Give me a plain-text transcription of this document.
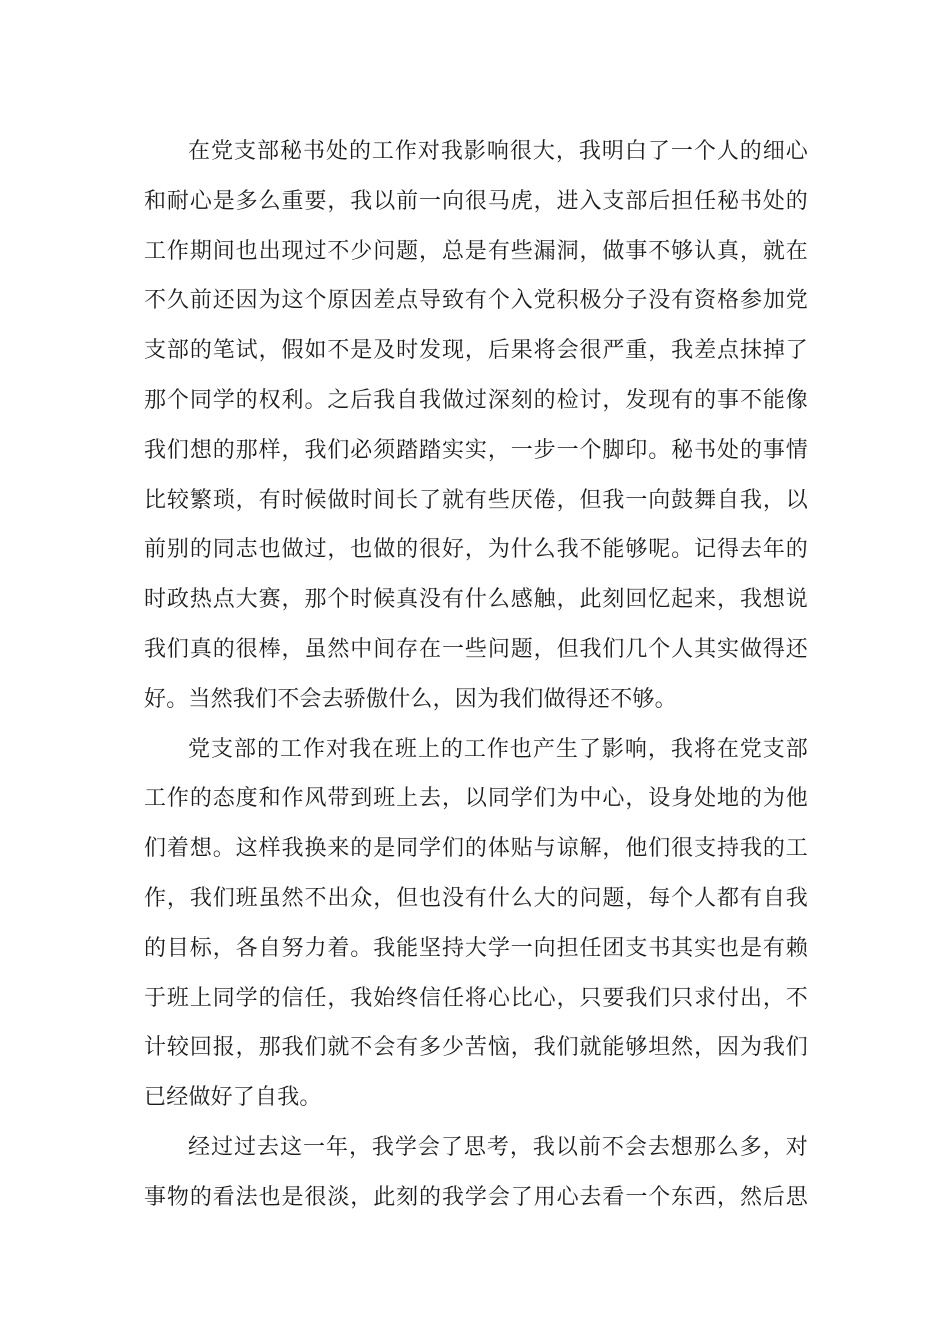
在党支部秘书处的工作对我影响很大，我明白了一个人的细心
和耐心是多么重要，我以前一向很马虎，进入支部后担任秘书处的
工作期间也出现过不少问题，总是有些漏洞，做事不够认真，就在
不久前还因为这个原因差点导致有个入党积极分子没有资格参加党
支部的笔试，假如不是及时发现，后果将会很严重，我差点抹掉了
那个同学的权利。之后我自我做过深刻的检讨，发现有的事不能像
我们想的那样，我们必须踏踏实实，一步一个脚印。秘书处的事情
比较繁琐，有时候做时间长了就有些厌倦，但我一向鼓舞自我，以
前别的同志也做过，也做的很好，为什么我不能够呢。记得去年的
时政热点大赛，那个时候真没有什么感触，此刻回忆起来，我想说
我们真的很棒，虽然中间存在一些问题，但我们几个人其实做得还
好。当然我们不会去骄傲什么，因为我们做得还不够。
党支部的工作对我在班上的工作也产生了影响，我将在党支部
工作的态度和作风带到班上去，以同学们为中心，设身处地的为他
们着想。这样我换来的是同学们的体贴与谅解，他们很支持我的工
作，我们班虽然不出众，但也没有什么大的问题，每个人都有自我
的目标，各自努力着。我能坚持大学一向担任团支书其实也是有赖
于班上同学的信任，我始终信任将心比心，只要我们只求付出，不
计较回报，那我们就不会有多少苦恼，我们就能够坦然，因为我们
已经做好了自我。
经过过去这一年，我学会了思考，我以前不会去想那么多，对
事物的看法也是很淡，此刻的我学会了用心去看一个东西，然后思
